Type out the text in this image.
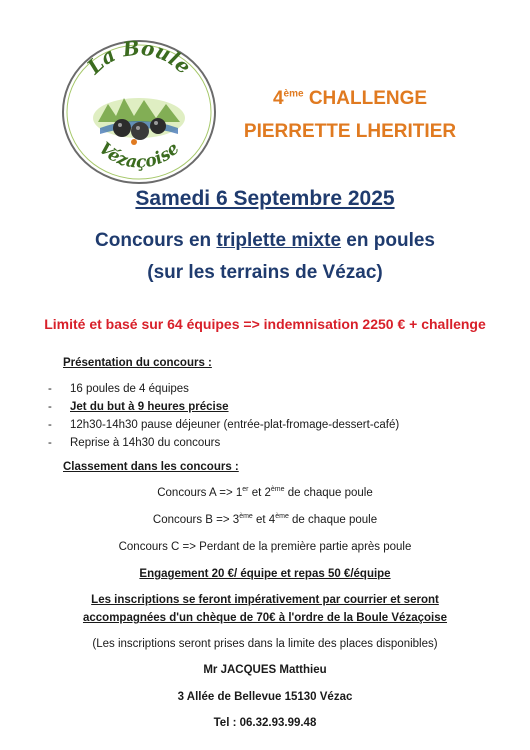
La Boule
Vézaçoise
4ème CHALLENGE
PIERRETTE LHERITIER
Samedi 6 Septembre 2025
Concours en triplette mixte en poules
(sur les terrains de Vézac)
Limité et basé sur 64 équipes => indemnisation 2250 € + challenge
Présentation du concours :
- 16 poules de 4 équipes
- Jet du but à 9 heures précise
- 12h30-14h30 pause déjeuner (entrée-plat-fromage-dessert-café)
- Reprise à 14h30 du concours
Classement dans les concours :
Concours A => 1er et 2ème de chaque poule
Concours B => 3ème et 4ème de chaque poule
Concours C => Perdant de la première partie après poule
Engagement 20 €/ équipe et repas 50 €/équipe
Les inscriptions se feront impérativement par courrier et seront
accompagnées d'un chèque de 70€ à l'ordre de la Boule Vézaçoise
(Les inscriptions seront prises dans la limite des places disponibles)
Mr JACQUES Matthieu
3 Allée de Bellevue 15130 Vézac
Tel : 06.32.93.99.48
